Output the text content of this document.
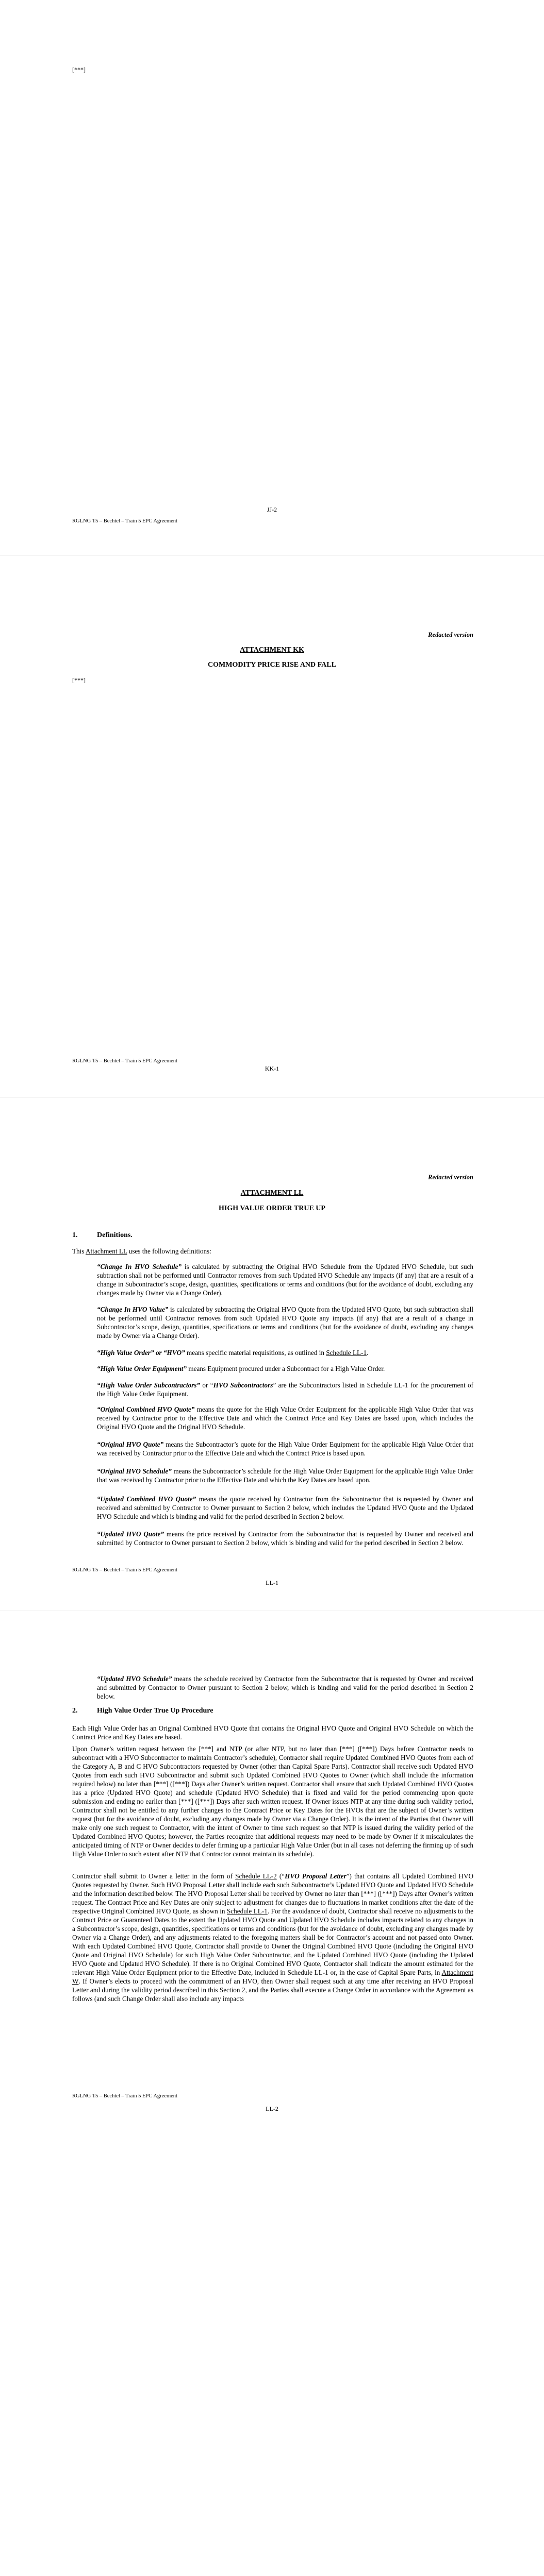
[***]
JJ-2
RGLNG T5 – Bechtel – Train 5 EPC Agreement
Redacted version
ATTACHMENT KK
COMMODITY PRICE RISE AND FALL
[***]
RGLNG T5 – Bechtel – Train 5 EPC Agreement
KK-1
Redacted version
ATTACHMENT LL
HIGH VALUE ORDER TRUE UP
1.	Definitions.
This Attachment LL uses the following definitions:
“Change In HVO Schedule” is calculated by subtracting the Original HVO Schedule from the Updated HVO Schedule, but such subtraction shall not be performed until Contractor removes from such Updated HVO Schedule any impacts (if any) that are a result of a change in Subcontractor’s scope, design, quantities, specifications or terms and conditions (but for the avoidance of doubt, excluding any changes made by Owner via a Change Order).
“Change In HVO Value” is calculated by subtracting the Original HVO Quote from the Updated HVO Quote, but such subtraction shall not be performed until Contractor removes from such Updated HVO Quote any impacts (if any) that are a result of a change in Subcontractor’s scope, design, quantities, specifications or terms and conditions (but for the avoidance of doubt, excluding any changes made by Owner via a Change Order).
“High Value Order” or “HVO” means specific material requisitions, as outlined in Schedule LL-1.
“High Value Order Equipment” means Equipment procured under a Subcontract for a High Value Order.
“High Value Order Subcontractors” or “HVO Subcontractors” are the Subcontractors listed in Schedule LL-1 for the procurement of the High Value Order Equipment.
“Original Combined HVO Quote” means the quote for the High Value Order Equipment for the applicable High Value Order that was received by Contractor prior to the Effective Date and which the Contract Price and Key Dates are based upon, which includes the Original HVO Quote and the Original HVO Schedule.
“Original HVO Quote” means the Subcontractor’s quote for the High Value Order Equipment for the applicable High Value Order that was received by Contractor prior to the Effective Date and which the Contract Price is based upon.
“Original HVO Schedule” means the Subcontractor’s schedule for the High Value Order Equipment for the applicable High Value Order that was received by Contractor prior to the Effective Date and which the Key Dates are based upon.
“Updated Combined HVO Quote” means the quote received by Contractor from the Subcontractor that is requested by Owner and received and submitted by Contractor to Owner pursuant to Section 2 below, which includes the Updated HVO Quote and the Updated HVO Schedule and which is binding and valid for the period described in Section 2 below.
“Updated HVO Quote” means the price received by Contractor from the Subcontractor that is requested by Owner and received and submitted by Contractor to Owner pursuant to Section 2 below, which is binding and valid for the period described in Section 2 below.
RGLNG T5 – Bechtel – Train 5 EPC Agreement
LL-1
“Updated HVO Schedule” means the schedule received by Contractor from the Subcontractor that is requested by Owner and received and submitted by Contractor to Owner pursuant to Section 2 below, which is binding and valid for the period described in Section 2 below.
2.	High Value Order True Up Procedure
Each High Value Order has an Original Combined HVO Quote that contains the Original HVO Quote and Original HVO Schedule on which the Contract Price and Key Dates are based.
Upon Owner’s written request between the [***] and NTP (or after NTP, but no later than [***] ([***]) Days before Contractor needs to subcontract with a HVO Subcontractor to maintain Contractor’s schedule), Contractor shall require Updated Combined HVO Quotes from each of the Category A, B and C HVO Subcontractors requested by Owner (other than Capital Spare Parts). Contractor shall receive such Updated HVO Quotes from each such HVO Subcontractor and submit such Updated Combined HVO Quotes to Owner (which shall include the information required below) no later than [***] ([***]) Days after Owner’s written request. Contractor shall ensure that such Updated Combined HVO Quotes has a price (Updated HVO Quote) and schedule (Updated HVO Schedule) that is fixed and valid for the period commencing upon quote submission and ending no earlier than [***] ([***]) Days after such written request. If Owner issues NTP at any time during such validity period, Contractor shall not be entitled to any further changes to the Contract Price or Key Dates for the HVOs that are the subject of Owner’s written request (but for the avoidance of doubt, excluding any changes made by Owner via a Change Order). It is the intent of the Parties that Owner will make only one such request to Contractor, with the intent of Owner to time such request so that NTP is issued during the validity period of the Updated Combined HVO Quotes; however, the Parties recognize that additional requests may need to be made by Owner if it miscalculates the anticipated timing of NTP or Owner decides to defer firming up a particular High Value Order (but in all cases not deferring the firming up of such High Value Order to such extent after NTP that Contractor cannot maintain its schedule).
Contractor shall submit to Owner a letter in the form of Schedule LL-2 (“HVO Proposal Letter”) that contains all Updated Combined HVO Quotes requested by Owner. Such HVO Proposal Letter shall include each such Subcontractor’s Updated HVO Quote and Updated HVO Schedule and the information described below. The HVO Proposal Letter shall be received by Owner no later than [***] ([***]) Days after Owner’s written request. The Contract Price and Key Dates are only subject to adjustment for changes due to fluctuations in market conditions after the date of the respective Original Combined HVO Quote, as shown in Schedule LL-1. For the avoidance of doubt, Contractor shall receive no adjustments to the Contract Price or Guaranteed Dates to the extent the Updated HVO Quote and Updated HVO Schedule includes impacts related to any changes in a Subcontractor’s scope, design, quantities, specifications or terms and conditions (but for the avoidance of doubt, excluding any changes made by Owner via a Change Order), and any adjustments related to the foregoing matters shall be for Contractor’s account and not passed onto Owner. With each Updated Combined HVO Quote, Contractor shall provide to Owner the Original Combined HVO Quote (including the Original HVO Quote and Original HVO Schedule) for such High Value Order Subcontractor, and the Updated Combined HVO Quote (including the Updated HVO Quote and Updated HVO Schedule). If there is no Original Combined HVO Quote, Contractor shall indicate the amount estimated for the relevant High Value Order Equipment prior to the Effective Date, included in Schedule LL-1 or, in the case of Capital Spare Parts, in Attachment W. If Owner’s elects to proceed with the commitment of an HVO, then Owner shall request such at any time after receiving an HVO Proposal Letter and during the validity period described in this Section 2, and the Parties shall execute a Change Order in accordance with the Agreement as follows (and such Change Order shall also include any impacts
RGLNG T5 – Bechtel – Train 5 EPC Agreement
LL-2
